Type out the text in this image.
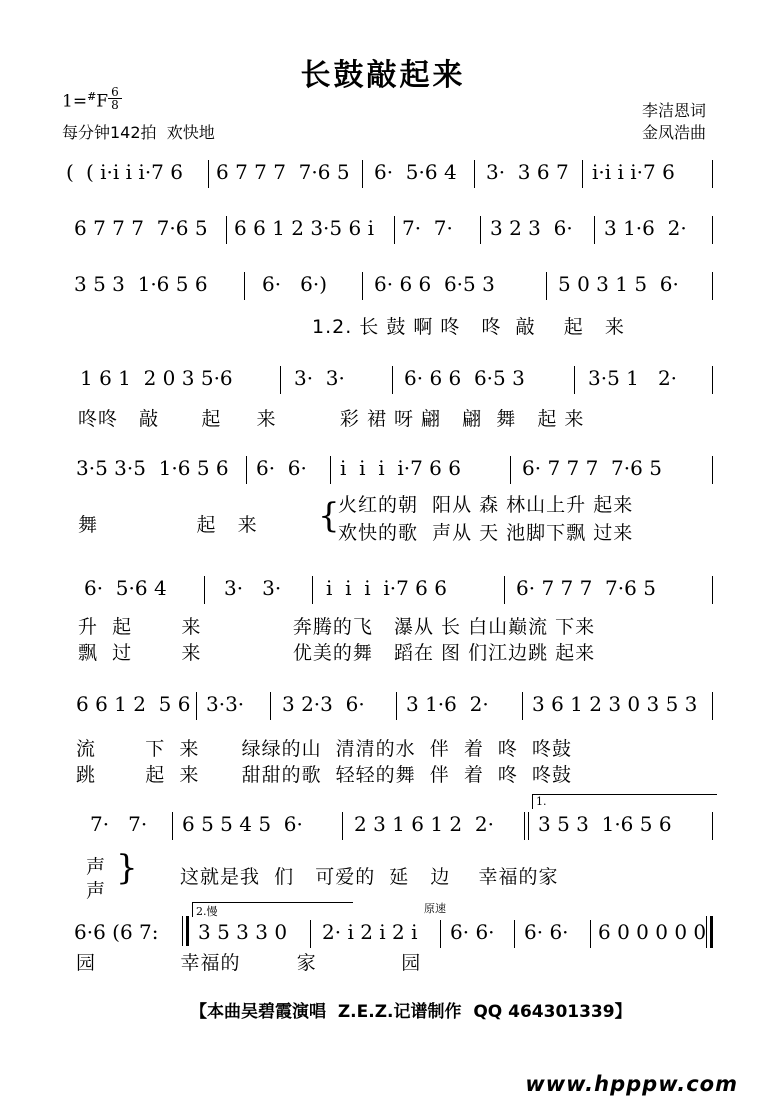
长鼓敲起来
1=#F 6
8
每分钟142拍  欢快地
李洁恩词
金凤浩曲
( ( i·i i i·7 6 6 7 7 7  7·6 5 6·  5·6 4 3·  3 6 7 i·i i i·7 6
6 7 7 7  7·6 5 6 6 1 2 3·5 6 i 7·  7· 3 2 3  6· 3 1·6  2·
3 5 3  1·6 5 6	6·   6·) 6· 6 6  6·5 3	5 0 3 1 5  6·
1.2. 长 鼓 啊 咚   咚  敲    起   来
1 6 1  2 0 3 5·6	3·  3·	6· 6 6  6·5 3	3·5 1   2·
咚咚   敲      起     来         彩 裙 呀 翩   翩  舞   起 来
3·5 3·5  1·6 5 6 6·  6· i  i  i  i·7 6 6	6· 7 7 7  7·6 5
舞              起   来 {
火红的朝  阳从 森 林山上升 起来
欢快的歌  声从 天 池脚下飘 过来
6·  5·6 4	3·   3· i  i  i  i·7 6 6	6· 7 7 7  7·6 5
升  起       来             奔腾的飞   瀑从 长 白山巅流 下来
飘  过       来             优美的舞   蹈在 图 们江边跳 起来
6 6 1 2  5 6 3·3· 3 2·3  6· 3 1·6  2· 3 6 1 2 3 0 3 5 3
流       下  来      绿绿的山  清清的水  伴  着  咚  咚鼓
跳       起  来      甜甜的歌  轻轻的舞  伴  着  咚  咚鼓
7·   7· 6 5 5 4 5  6·	2 3 1 6 1 2  2·
1.
3 5 3  1·6 5 6
声
声
} 这就是我  们   可爱的  延   边    幸福的家
6·6 (6 7:
2.慢
3 5 3 3 0 2· i 2 i 2 i
原速
6· 6· 6· 6· 6 0 0 0 0 0
园            幸福的        家            园
【本曲吴碧霞演唱  Z.E.Z.记谱制作  QQ 464301339】
www.hpppw.com
